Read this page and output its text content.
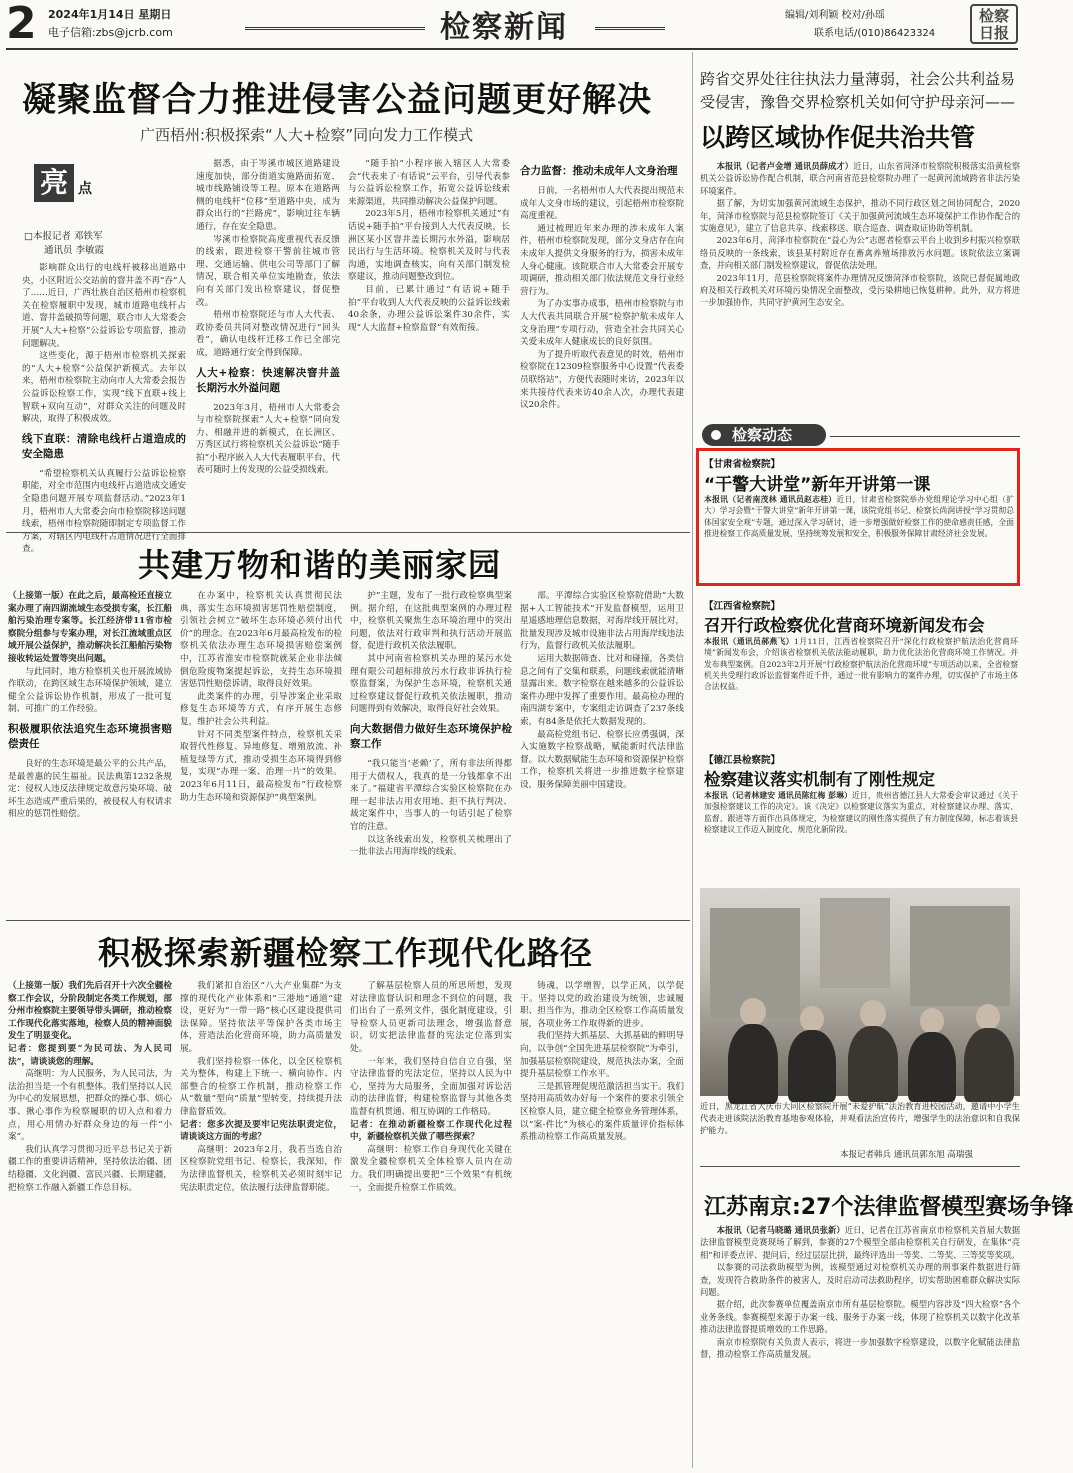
2 2024年1月14日 星期日
电子信箱:zbs@jcrb.com	检察新闻	编辑/刘利颖 校对/孙瑶
联系电话/(010)86423324
检察日报
凝聚监督合力推进侵害公益问题更好解决
广西梧州:积极探索“人大+检察”同向发力工作模式
亮 点
□本报记者 邓铁军
通讯员 李敏霞

影响群众出行的电线杆被移出道路中央，小区附近公交站前的窨井盖不再“吞”人了……近日，广西壮族自治区梧州市检察机关在检察履职中发现，城市道路电线杆占道、窨井盖破损等问题，联合市人大常委会开展“人大+检察”公益诉讼专项监督，推动问题解决。

这些变化，源于梧州市检察机关探索的“人大+检察”公益保护新模式。去年以来，梧州市检察院主动向市人大常委会报告公益诉讼检察工作，实现“线下直联+线上智联+双向互动”，对群众关注的问题及时解决，取得了积极成效。

线下直联：清除电线杆占道造成的安全隐患

“希望检察机关认真履行公益诉讼检察职能，对全市范围内电线杆占道造成交通安全隐患问题开展专项监督活动。”2023年1月，梧州市人大常委会向市检察院移送问题线索，梧州市检察院随即制定专项监督工作方案，对辖区内电线杆占道情况进行全面排查。

据悉，由于岑溪市城区道路建设速度加快，部分街道实施路面拓宽、城市线路铺设等工程。原本在道路两侧的电线杆“位移”至道路中央，成为群众出行的“拦路虎”，影响过往车辆通行，存在安全隐患。

岑溪市检察院高度重视代表反馈的线索，跟进检察干警前往城市管理、交通运输、供电公司等部门了解情况，联合相关单位实地勘查，依法向有关部门发出检察建议，督促整改。

梧州市检察院还与市人大代表、政协委员共同对整改情况进行“回头看”，确认电线杆迁移工作已全部完成，道路通行安全得到保障。

人大+检察：快速解决窨井盖长期污水外溢问题

2023年3月，梧州市人大常委会与市检察院探索“人大+检察”同向发力、相融并进的新模式，在长洲区、万秀区试行将检察机关公益诉讼“随手拍”小程序嵌入人大代表履职平台，代表可随时上传发现的公益受损线索。

“随手拍”小程序嵌入辖区人大常委会“代表来了·有话说”云平台，引导代表参与公益诉讼检察工作，拓宽公益诉讼线索来源渠道，共同推动解决公益保护问题。

2023年5月，梧州市检察机关通过“有话说+随手拍”平台接到人大代表反映，长洲区某小区窨井盖长期污水外溢，影响居民出行与生活环境。检察机关及时与代表沟通，实地调查核实，向有关部门制发检察建议，推动问题整改到位。

目前，已累计通过“有话说+随手拍”平台收到人大代表反映的公益诉讼线索40余条，办理公益诉讼案件30余件，实现“人大监督+检察监督”有效衔接。

合力监督：推动未成年人文身治理

日前，一名梧州市人大代表提出规范未成年人文身市场的建议，引起梧州市检察院高度重视。

通过梳理近年来办理的涉未成年人案件，梧州市检察院发现，部分文身店存在向未成年人提供文身服务的行为，损害未成年人身心健康。该院联合市人大常委会开展专项调研，推动相关部门依法规范文身行业经营行为。

为了办实事办成事，梧州市检察院与市人大代表共同联合开展“检察护航未成年人文身治理”专项行动，营造全社会共同关心关爱未成年人健康成长的良好氛围。

为了提升听取代表意见的时效，梧州市检察院在12309检察服务中心设置“代表委员联络站”，方便代表随时来访，2023年以来共接待代表来访40余人次，办理代表建议20余件。

共建万物和谐的美丽家园

（上接第一版）在此之后，最高检还直接立案办理了南四湖流域生态受损专案，长江船舶污染治理专案等。长江经济带11省市检察院分组参与专案办理，对长江流域重点区域开展公益保护，推动解决长江船舶污染物接收转运处置等突出问题。

与此同时，地方检察机关也开展流域协作联动，在跨区域生态环境保护领域，建立健全公益诉讼协作机制，形成了一批可复制、可推广的工作经验。

积极履职依法追究生态环境损害赔偿责任

良好的生态环境是最公平的公共产品，是最普惠的民生福祉。民法典第1232条规定：侵权人违反法律规定故意污染环境、破坏生态造成严重后果的，被侵权人有权请求相应的惩罚性赔偿。

在办案中，检察机关认真贯彻民法典，落实生态环境损害惩罚性赔偿制度，引领社会树立“破坏生态环境必须付出代价”的理念。在2023年6月最高检发布的检察机关依法办理生态环境损害赔偿案例中，江苏省淮安市检察院就某企业非法倾倒危险废物案提起诉讼，支持生态环境损害惩罚性赔偿诉请，取得良好效果。

此类案件的办理，引导涉案企业采取修复生态环境等方式，有序开展生态修复，维护社会公共利益。

针对不同类型案件特点，检察机关采取替代性修复、异地修复、增殖放流、补植复绿等方式，推动受损生态环境得到修复，实现“办理一案、治理一片”的效果。2023年6月11日，最高检发布“行政检察助力生态环境和资源保护”典型案例。

护”主题，发布了一批行政检察典型案例。据介绍，在这批典型案例的办理过程中，检察机关聚焦生态环境治理中的突出问题，依法对行政审判和执行活动开展监督，促进行政机关依法履职。

其中河南省检察机关办理的某污水处理有限公司超标排放污水行政非诉执行检察监督案，为保护生态环境，检察机关通过检察建议督促行政机关依法履职，推动问题得到有效解决，取得良好社会效果。

向大数据借力做好生态环境保护检察工作

“我只能当‘老赖’了，所有非法所得都用于大债权人，我真的是一分钱都拿不出来了。”福建省平潭综合实验区检察院在办理一起非法占用农用地、拒不执行判决、裁定案件中，当事人的一句话引起了检察官的注意。

以这条线索出发，检察机关梳理出了一批非法占用海岸线的线索。

部。平潭综合实验区检察院借助“大数据+人工智能技术”开发监督模型，运用卫星遥感地理信息数据，对海岸线开展比对，批量发现涉及城市设施非法占用海岸线违法行为，监督行政机关依法履职。

运用大数据筛查、比对和碰撞，各类信息之间有了交集和联系，问题线索就能清晰显露出来。数字检察在越来越多的公益诉讼案件办理中发挥了重要作用。最高检办理的南四湖专案中，专案组走访调查了237条线索，有84条是依托大数据发现的。

最高检党组书记、检察长应勇强调，深入实施数字检察战略，赋能新时代法律监督。以大数据赋能生态环境和资源保护检察工作，检察机关将进一步推进数字检察建设，服务保障美丽中国建设。

积极探索新疆检察工作现代化路径

（上接第一版）我们先后召开十六次全疆检察工作会议，分阶段制定各类工作规划，部分州市检察院主要领导带头调研，推动检察工作现代化落实落地，检察人员的精神面貌发生了明显变化。

记者：您提到要“为民司法、为人民司法”，请谈谈您的理解。

高继明：为人民服务，为人民司法，为法治担当是一个有机整体。我们坚持以人民为中心的发展思想，把群众的操心事、烦心事、揪心事作为检察履职的切入点和着力点，用心用情办好群众身边的每一件“小案”。

我们认真学习贯彻习近平总书记关于新疆工作的重要讲话精神，坚持依法治疆、团结稳疆、文化润疆、富民兴疆、长期建疆，把检察工作融入新疆工作总目标。

我们紧扣自治区“八大产业集群”为支撑的现代化产业体系和“三港地”通道“建设，更好为“一带一路”核心区建设提供司法保障。坚持依法平等保护各类市场主体，营造法治化营商环境，助力高质量发展。

我们坚持检察一体化，以全区检察机关为整体，构建上下统一、横向协作、内部整合的检察工作机制，推动检察工作从“数量”型向“质量”型转变，持续提升法律监督质效。

记者：您多次提及要牢记宪法职责定位，请谈谈这方面的考虑？

高继明：2023年2月，我若当选自治区检察院党组书记、检察长，我深知，作为法律监督机关，检察机关必须时刻牢记宪法职责定位，依法履行法律监督职能。

了解基层检察人员的所思所想，发现对法律监督认识和理念不到位的问题，我们出台了一系列文件，强化制度建设，引导检察人员更新司法理念，增强监督意识，切实把法律监督的宪法定位落到实处。

一年来，我们坚持自信自立自强，坚守法律监督的宪法定位，坚持以人民为中心，坚持为大局服务，全面加强对诉讼活动的法律监督，构建检察监督与其他各类监督有机贯通、相互协调的工作格局。

记者：在推动新疆检察工作现代化过程中，新疆检察机关做了哪些探索？

高继明：检察工作自身现代化关键在激发全疆检察机关全体检察人员内在动力。我们明确提出要把“三个效果”有机统一，全面提升检察工作质效。

铸魂，以学增智，以学正风，以学促干。坚持以党的政治建设为统领，忠诚履职、担当作为，推动全区检察工作高质量发展，各项业务工作取得新的进步。

我们坚持大抓基层、大抓基础的鲜明导向，以争创“全国先进基层检察院”为牵引，加强基层检察院建设，规范执法办案，全面提升基层检察工作水平。

三是抓管理促规范激活担当实干。我们坚持用高质效办好每一个案件的要求引领全区检察人员，建立健全检察业务管理体系，以“案-件比”为核心的案件质量评价指标体系推动检察工作高质量发展。

跨省交界处往往执法力量薄弱，社会公共利益易受侵害，豫鲁交界检察机关如何守护母亲河——
以跨区域协作促共治共管

本报讯（记者卢金增 通讯员薛成才）近日，山东省菏泽市检察院积极落实沿黄检察机关公益诉讼协作配合机制，联合河南省范县检察院办理了一起黄河流域跨省非法污染环境案件。

据了解，为切实加强黄河流域生态保护，推动不同行政区划之间协同配合，2020年，菏泽市检察院与范县检察院签订《关于加强黄河流域生态环境保护工作协作配合的实施意见》，建立了信息共享、线索移送、联合巡查、调查取证协助等机制。

2023年6月，菏泽市检察院在“益心为公”志愿者检察云平台上收到乡村振兴检察联络员反映的一条线索，该县某村附近存在畜禽养殖场排放污水问题。该院依法立案调查，并向相关部门制发检察建议，督促依法处理。

2023年11月，范县检察院将案件办理情况反馈菏泽市检察院，该院已督促属地政府及相关行政机关对环境污染情况全面整改，受污染耕地已恢复耕种。此外，双方将进一步加强协作，共同守护黄河生态安全。

检察动态
【甘肃省检察院】
“干警大讲堂”新年开讲第一课
本报讯（记者南茂林 通讯员赵志桂）近日，甘肃省检察院举办党组理论学习中心组（扩大）学习会暨“干警大讲堂”新年开讲第一课，该院党组书记、检察长尚润讲授“学习贯彻总体国家安全观”专题，通过深入学习研讨，进一步增强做好检察工作的使命感责任感，全面推进检察工作高质量发展，坚持统筹发展和安全，积极服务保障甘肃经济社会发展。
【江西省检察院】
召开行政检察优化营商环境新闻发布会
本报讯（通讯员郝燕飞）1月11日，江西省检察院召开“深化行政检察护航法治化营商环境”新闻发布会，介绍该省检察机关依法能动履职，助力优化法治化营商环境工作情况。并发布典型案例。自2023年2月开展“行政检察护航法治化营商环境”专项活动以来，全省检察机关共受理行政诉讼监督案件近千件，通过一批有影响力的案件办理，切实保护了市场主体合法权益。
【德江县检察院】
检察建议落实机制有了刚性规定
本报讯（记者林建安 通讯员陈红梅 彭琳）近日，贵州省德江县人大常委会审议通过《关于加强检察建议工作的决定》。该《决定》以检察建议落实为重点，对检察建议办理、落实、监督、跟进等方面作出具体规定，为检察建议的刚性落实提供了有力制度保障，标志着该县检察建议工作迈入制度化、规范化新阶段。
近日，黑龙江省大庆市大同区检察院开展“未爱护航”法治教育进校园活动，邀请中小学生代表走进该院法治教育基地参观体验，并观看法治宣传片，增强学生的法治意识和自我保护能力。
本报记者韩兵 通讯员郭东旭 高瑞强
江苏南京:27个法律监督模型赛场争锋

本报讯（记者马晓璐 通讯员张新）近日，记者在江苏省南京市检察机关首届大数据法律监督模型竞赛现场了解到，参赛的27个模型全部由检察机关自行研发，在集体“亮相”和评委点评、提问后，经过层层比拼，最终评选出一等奖、二等奖、三等奖等奖项。

以参赛的司法救助模型为例，该模型通过对检察机关办理的刑事案件数据进行筛查，发现符合救助条件的被害人，及时启动司法救助程序，切实帮助困难群众解决实际问题。

据介绍，此次参赛单位覆盖南京市所有基层检察院。模型内容涉及“四大检察”各个业务条线。参赛模型来源于办案一线、服务于办案一线，体现了检察机关以数字化改革推动法律监督提质增效的工作思路。

南京市检察院有关负责人表示，将进一步加强数字检察建设，以数字化赋能法律监督，推动检察工作高质量发展。
